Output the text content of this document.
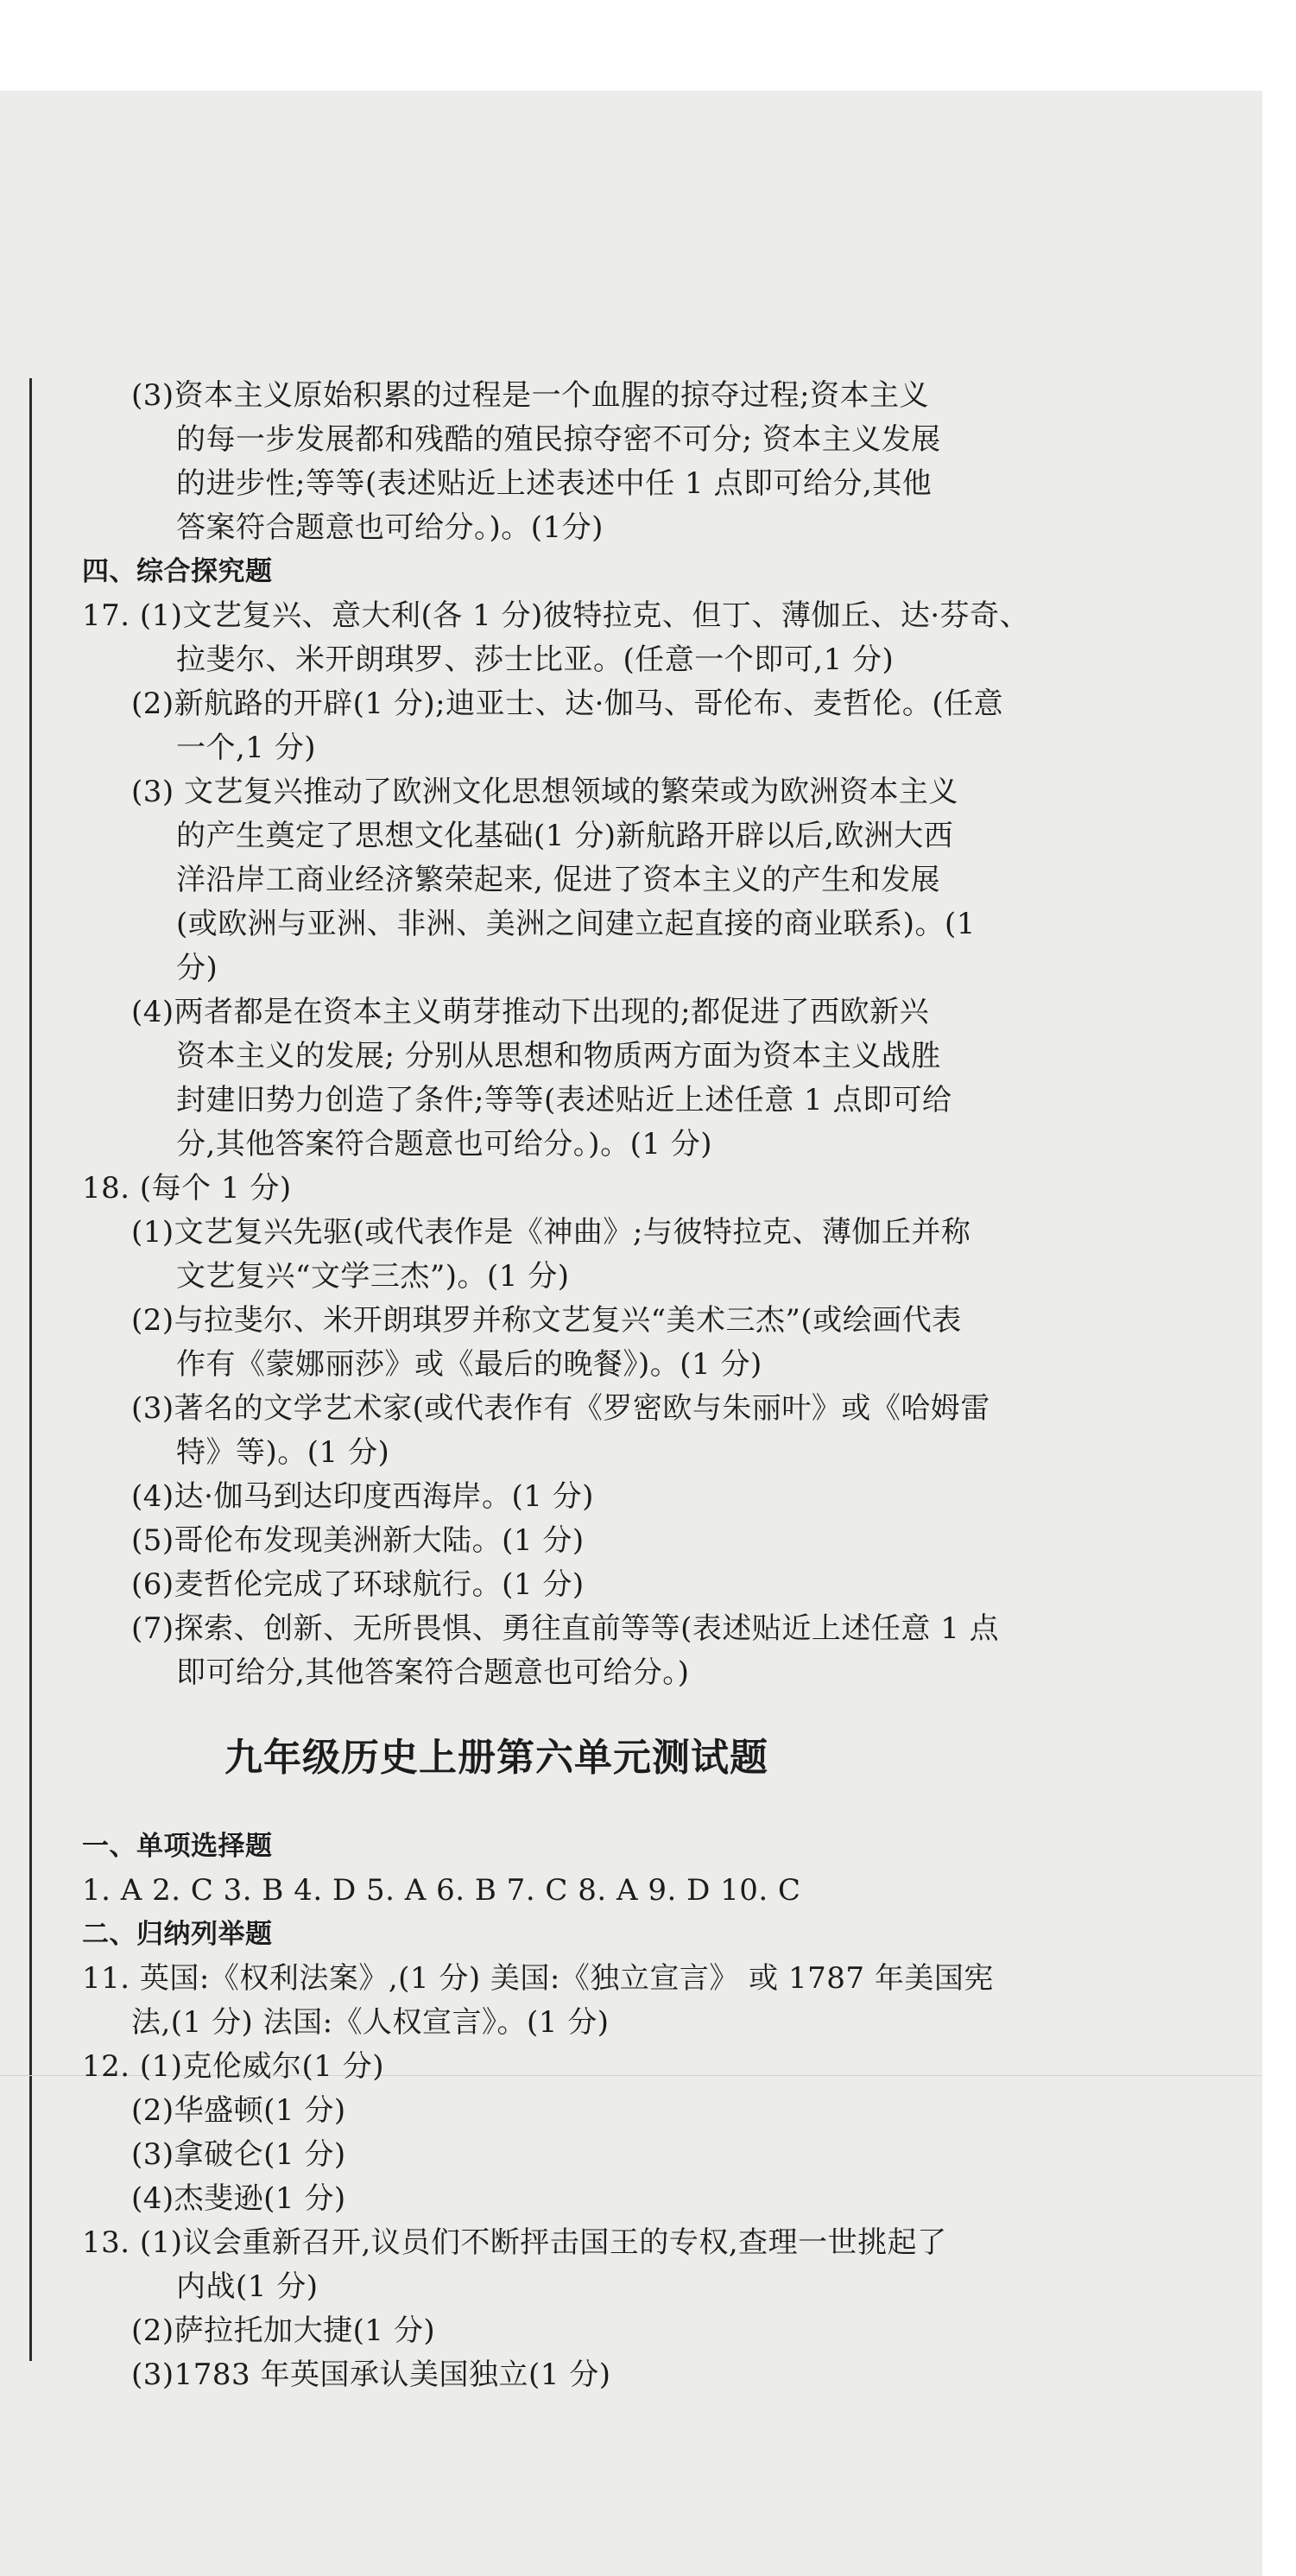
(3)资本主义原始积累的过程是一个血腥的掠夺过程;资本主义
的每一步发展都和残酷的殖民掠夺密不可分; 资本主义发展
的进步性;等等(表述贴近上述表述中任 1 点即可给分,其他
答案符合题意也可给分。)。(1分)
四、综合探究题
17. (1)文艺复兴、意大利(各 1 分)彼特拉克、但丁、薄伽丘、达·芬奇、
拉斐尔、米开朗琪罗、莎士比亚。(任意一个即可,1 分)
(2)新航路的开辟(1 分);迪亚士、达·伽马、哥伦布、麦哲伦。(任意
一个,1 分)
(3) 文艺复兴推动了欧洲文化思想领域的繁荣或为欧洲资本主义
的产生奠定了思想文化基础(1 分)新航路开辟以后,欧洲大西
洋沿岸工商业经济繁荣起来, 促进了资本主义的产生和发展
(或欧洲与亚洲、非洲、美洲之间建立起直接的商业联系)。(1
分)
(4)两者都是在资本主义萌芽推动下出现的;都促进了西欧新兴
资本主义的发展; 分别从思想和物质两方面为资本主义战胜
封建旧势力创造了条件;等等(表述贴近上述任意 1 点即可给
分,其他答案符合题意也可给分。)。(1 分)
18. (每个 1 分)
(1)文艺复兴先驱(或代表作是《神曲》;与彼特拉克、薄伽丘并称
文艺复兴“文学三杰”)。(1 分)
(2)与拉斐尔、米开朗琪罗并称文艺复兴“美术三杰”(或绘画代表
作有《蒙娜丽莎》或《最后的晚餐》)。(1 分)
(3)著名的文学艺术家(或代表作有《罗密欧与朱丽叶》或《哈姆雷
特》等)。(1 分)
(4)达·伽马到达印度西海岸。(1 分)
(5)哥伦布发现美洲新大陆。(1 分)
(6)麦哲伦完成了环球航行。(1 分)
(7)探索、创新、无所畏惧、勇往直前等等(表述贴近上述任意 1 点
即可给分,其他答案符合题意也可给分。)
九年级历史上册第六单元测试题
一、单项选择题
1. A 2. C 3. B 4. D 5. A 6. B 7. C 8. A 9. D 10. C
二、归纳列举题
11. 英国:《权利法案》,(1 分) 美国:《独立宣言》 或 1787 年美国宪
法,(1 分) 法国:《人权宣言》。(1 分)
12. (1)克伦威尔(1 分)
(2)华盛顿(1 分)
(3)拿破仑(1 分)
(4)杰斐逊(1 分)
13. (1)议会重新召开,议员们不断抨击国王的专权,查理一世挑起了
内战(1 分)
(2)萨拉托加大捷(1 分)
(3)1783 年英国承认美国独立(1 分)
